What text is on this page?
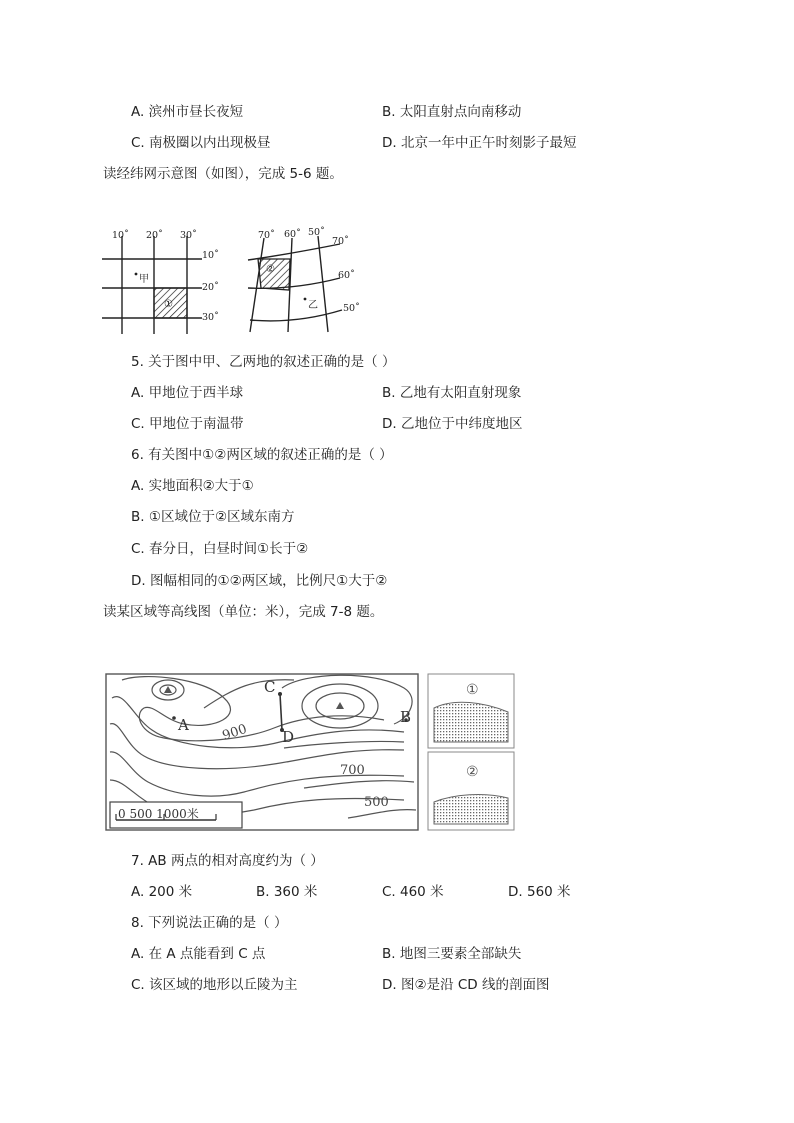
A. 滨州市昼长夜短	B. 太阳直射点向南移动
C. 南极圈以内出现极昼	D. 北京一年中正午时刻影子最短
读经纬网示意图（如图），完成 5-6 题。
10˚ 20˚ 30˚
10˚
20˚
30˚
甲
①
70˚ 60˚ 50˚
70˚
60˚
50˚
②
乙
5. 关于图中甲、乙两地的叙述正确的是（ ）
A. 甲地位于西半球	B. 乙地有太阳直射现象
C. 甲地位于南温带	D. 乙地位于中纬度地区
6. 有关图中①②两区域的叙述正确的是（ ）
A. 实地面积②大于①
B. ①区域位于②区域东南方
C. 春分日，白昼时间①长于②
D. 图幅相同的①②两区域，比例尺①大于②
读某区域等高线图（单位：米），完成 7-8 题。
A	B
C
D
900
700
500
0 500 1000米
①
②
7. AB 两点的相对高度约为（ ）
A. 200 米	B. 360 米	C. 460 米	D. 560 米
8. 下列说法正确的是（ ）
A. 在 A 点能看到 C 点	B. 地图三要素全部缺失
C. 该区域的地形以丘陵为主	D. 图②是沿 CD 线的剖面图
